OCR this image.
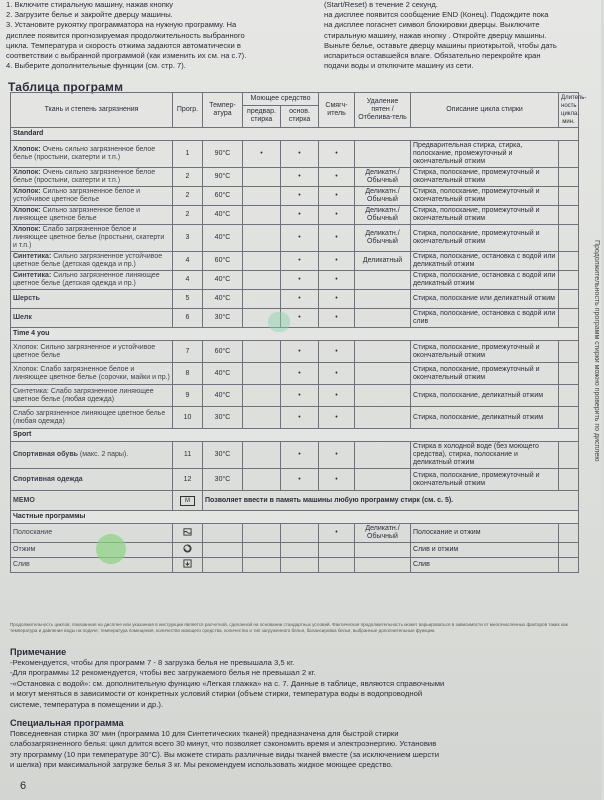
1. Включите стиральную машину, нажав кнопку

2. Загрузите белье и закройте дверцу машины.

3. Установите рукоятку программатора на нужную программу. На

дисплее появится прогнозируемая продолжительность выбранного

цикла. Температура и скорость отжима задаются автоматически в

соответствии с выбранной программой (как изменить их см. на с.7).

4. Выберите дополнительные функции (см. стр. 7).

(Start/Reset) в течение 2 секунд.

на дисплее появится сообщение END (Конец). Подождите пока

на дисплее погаснет символ блокировки дверцы. Выключите

стиральную машину, нажав кнопку . Откройте дверцу машины.

Выньте белье, оставьте дверцу машины приоткрытой, чтобы дать

испариться оставшейся влаге. Обязательно перекройте кран

подачи воды и отключите машину из сети.

Таблица программ
Продолжительность программ стирки можно проверить по дисплею
Ткань и степень загрязнения	Прогр.	Темпер-атура	Моющее средство		Смягч-итель	Удаление пятен / Отбелива-тель	Описание цикла стирки	Длитель-ность цикла, мин.
			предвар. стирка	основ. стирка				
Standard								
Хлопок: Очень сильно загрязненное белое белье (простыни, скатерти и т.п.)	1	90°C	•	•	•		Предварительная стирка, стирка, полоскание, промежуточный и окончательный отжим	
Хлопок: Очень сильно загрязненное белое белье (простыни, скатерти и т.п.)	2	90°C		•	•	Деликатн./ Обычный	Стирка, полоскание, промежуточный и окончательный отжим	
Хлопок: Сильно загрязненное белое и устойчивое цветное белье	2	60°C		•	•	Деликатн./ Обычный	Стирка, полоскание, промежуточный и окончательный отжим	
Хлопок: Сильно загрязненное белое и линяющее цветное белье	2	40°C		•	•	Деликатн./ Обычный	Стирка, полоскание, промежуточный и окончательный отжим	
Хлопок: Слабо загрязненное белое и линяющее цветное белье (простыни, скатерти и т.п.)	3	40°C		•	•	Деликатн./ Обычный	Стирка, полоскание, промежуточный и окончательный отжим	
Синтетика: Сильно загрязненное устойчивое цветное белье (детская одежда и пр.)	4	60°C		•	•	Деликатный	Стирка, полоскание, остановка с водой или деликатный отжим	
Синтетика: Сильно загрязненное линяющее цветное белье (детская одежда и пр.)	4	40°C		•	•		Стирка, полоскание, остановка с водой или деликатный отжим	
Шерсть	5	40°C		•	•		Стирка, полоскание или деликатный отжим	
Шелк	6	30°C		•	•		Стирка, полоскание, остановка с водой или слив	
Time 4 you								
Хлопок: Сильно загрязненное и устойчивое цветное белье	7	60°C		•	•		Стирка, полоскание, промежуточный и окончательный отжим	
Хлопок: Слабо загрязненное белое и линяющее цветное белье (сорочки, майки и пр.)	8	40°C		•	•		Стирка, полоскание, промежуточный и окончательный отжим	
Синтетика: Слабо загрязненное линяющее цветное белье (любая одежда)	9	40°C		•	•		Стирка, полоскание, деликатный отжим	
Слабо загрязненное линяющее цветное белье (любая одежда)	10	30°C		•	•		Стирка, полоскание, деликатный отжим	
Sport								
Спортивная обувь (макс. 2 пары).	11	30°C		•	•		Стирка в холодной воде (без моющего средства), стирка, полоскание и деликатный отжим	
Спортивная одежда	12	30°C		•	•		Стирка, полоскание, промежуточный и окончательный отжим	
MEMO	M	Позволяет ввести в память машины любую программу стирк (см. с. 5).						
Частные программы								
Полоскание					•	Деликатн./ Обычный	Полоскание и отжим	
Отжим							Слив и отжим	
Слив							Слив	
Продолжительность циклов, показанная на дисплее или указанная в инструкции является расчетной, сделанной на основании стандартных условий. Фактическая продолжительность может варьироваться в зависимости от многочисленных факторов таких как температура и давление воды на подаче, температура помещения, количество моющего средства, количество и тип загруженного белья, балансировка белья, выбранные дополнительные функции.
Примечание

-Рекомендуется, чтобы для программ 7 - 8 загрузка белья не превышала 3,5 кг.

-Для программы 12 рекомендуется, чтобы вес загружаемого белья не превышал 2 кг.

-«Остановка с водой»: см. дополнительную функцию «Легкая глажка» на с. 7. Данные в таблице, являются справочными

и могут меняться в зависимости от конкретных условий стирки (объем стирки, температура воды в водопроводной

системе, температура в помещении и др.).

Специальная программа

Повседневная стирка 30' мин (программа 10 для Синтетических тканей) предназначена для быстрой стирки

слабозагрязненного белья: цикл длится всего 30 минут, что позволяет сэкономить время и электроэнергию. Установив

эту программу (10 при температуре 30°C). Вы можете стирать различные виды тканей вместе (за исключением шерсти

и шелка) при максимальной загрузке белья 3 кг. Мы рекомендуем использовать жидкое моющее средство.

6
